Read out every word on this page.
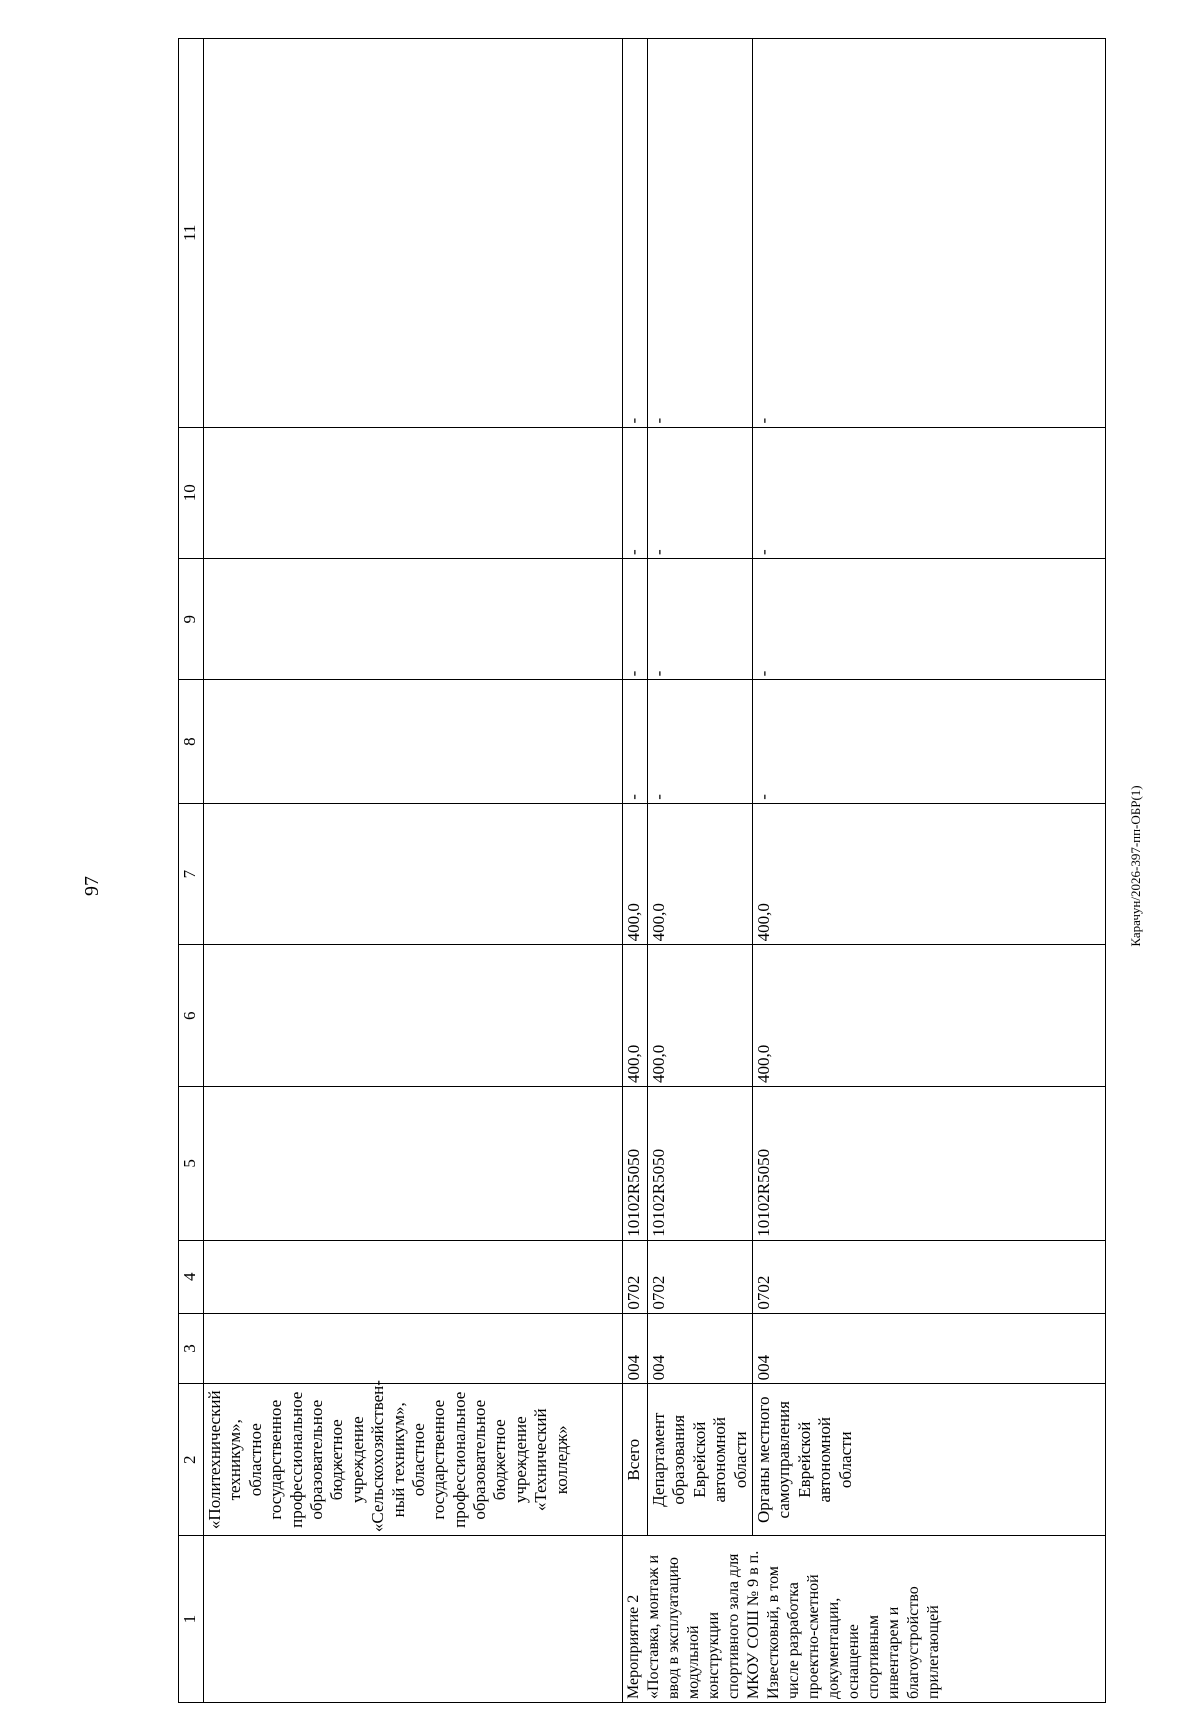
97	Карачун/2026-397-пп-ОБР(1)
1	2	3	4	5	6	7	8	9	10	11
	«Политехнический техникум», областное государственное профессиональное образовательное бюджетное учреждение «Сельскохозяйствен-ный техникум», областное государственное профессиональное образовательное бюджетное учреждение «Технический колледж»									
Мероприятие 2 «Поставка, монтаж и ввод в эксплуатацию модульной конструкции спортивного зала для МКОУ СОШ № 9 в п. Известковый, в том числе разработка проектно-сметной документации, оснащение спортивным инвентарем и благоустройство прилегающей	Всего	004	0702	10102R5050	400,0	400,0	-	-	-	-
	Департамент образования Еврейской автономной области	004	0702	10102R5050	400,0	400,0	-	-	-	-
	Органы местного самоуправления Еврейской автономной области	004	0702	10102R5050	400,0	400,0	-	-	-	-
